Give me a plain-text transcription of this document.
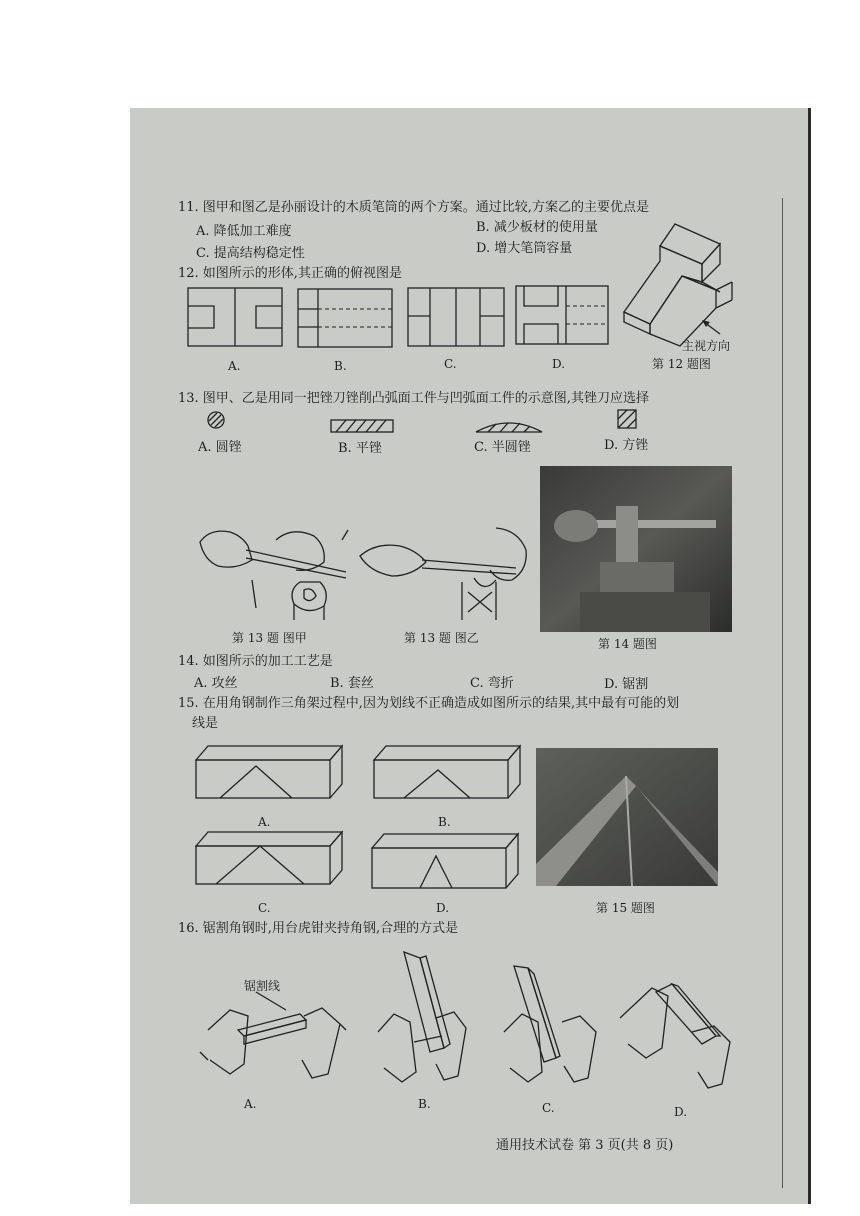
11. 图甲和图乙是孙丽设计的木质笔筒的两个方案。通过比较,方案乙的主要优点是
A. 降低加工难度	B. 减少板材的使用量
C. 提高结构稳定性	D. 增大笔筒容量
12. 如图所示的形体,其正确的俯视图是
A.	B.	C.	D.
主视方向
第 12 题图
13. 图甲、乙是用同一把锉刀锉削凸弧面工件与凹弧面工件的示意图,其锉刀应选择
A. 圆锉	B. 平锉	C. 半圆锉	D. 方锉
第 13 题 图甲	第 13 题 图乙	第 14 题图
14. 如图所示的加工工艺是
A. 攻丝	B. 套丝	C. 弯折	D. 锯割
15. 在用角钢制作三角架过程中,因为划线不正确造成如图所示的结果,其中最有可能的划
线是
A.	B.
C.	D.	第 15 题图
16. 锯割角钢时,用台虎钳夹持角钢,合理的方式是
锯割线
A.	B.	C.	D.
通用技术试卷 第 3 页(共 8 页)
